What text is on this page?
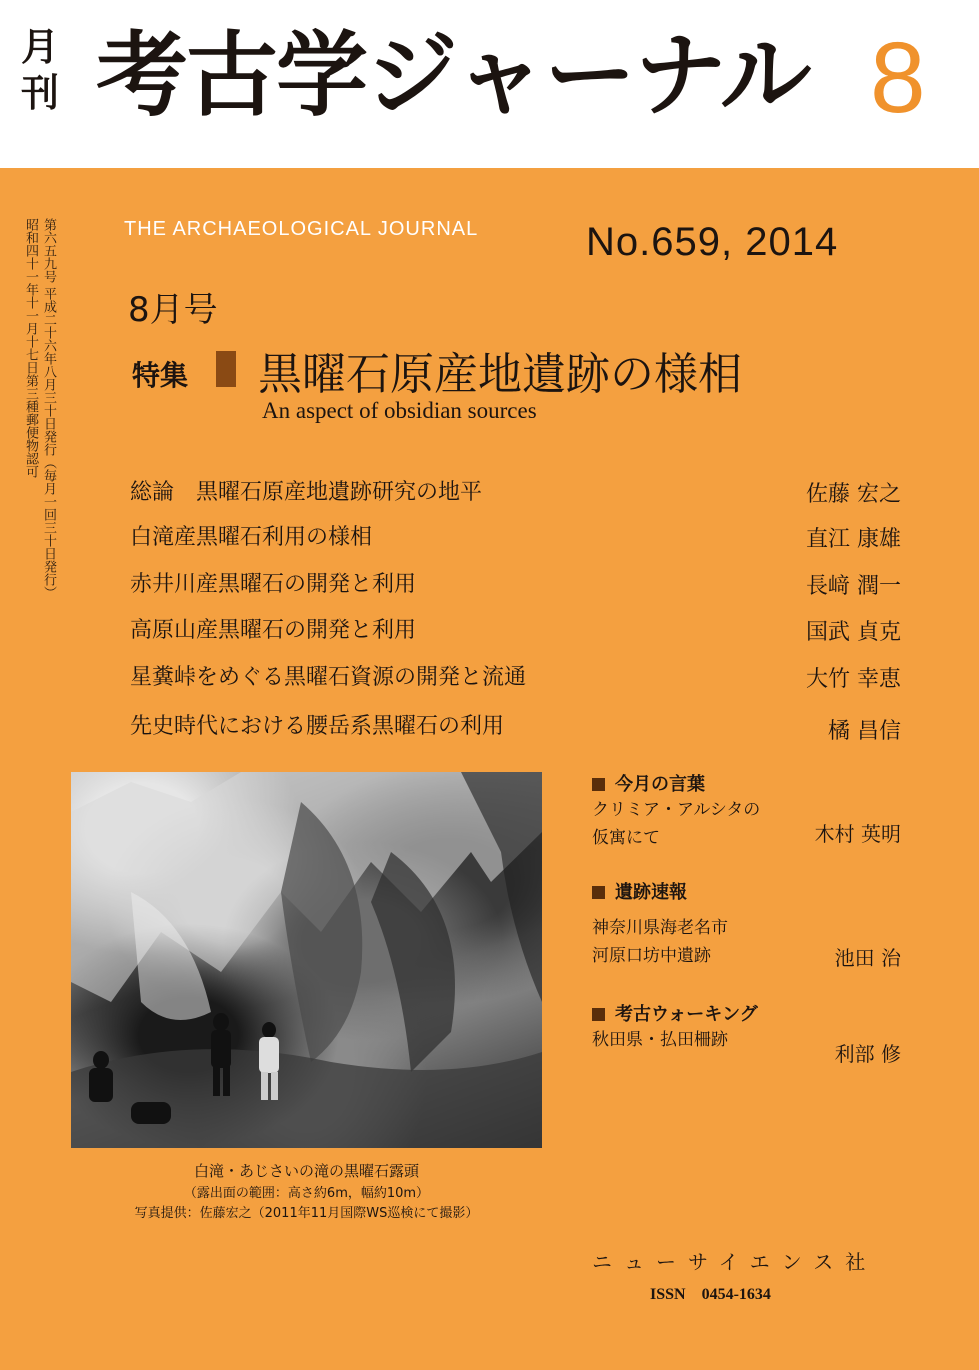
月
刊 考古学ジャーナル 8
第六五九号 平成二十六年八月三十日発行（毎月一回三十日発行）
昭和四十一年十一月十七日第三種郵便物認可	THE ARCHAEOLOGICAL JOURNAL	No.659, 2014
8月号
特集 黒曜石原産地遺跡の様相
An aspect of obsidian sources
総論　黒曜石原産地遺跡研究の地平	佐藤 宏之
白滝産黒曜石利用の様相	直江 康雄
赤井川産黒曜石の開発と利用	長﨑 潤一
高原山産黒曜石の開発と利用	国武 貞克
星糞峠をめぐる黒曜石資源の開発と流通	大竹 幸恵
先史時代における腰岳系黒曜石の利用	橘 昌信
白滝・あじさいの滝の黒曜石露頭
（露出面の範囲：高さ約6m，幅約10m）
写真提供：佐藤宏之（2011年11月国際WS巡検にて撮影）
今月の言葉
クリミア・アルシタの
仮寓にて	木村 英明
遺跡速報
神奈川県海老名市
河原口坊中遺跡	池田 治
考古ウォーキング
秋田県・払田柵跡
利部 修
ニューサイエンス社
ISSN　0454-1634
